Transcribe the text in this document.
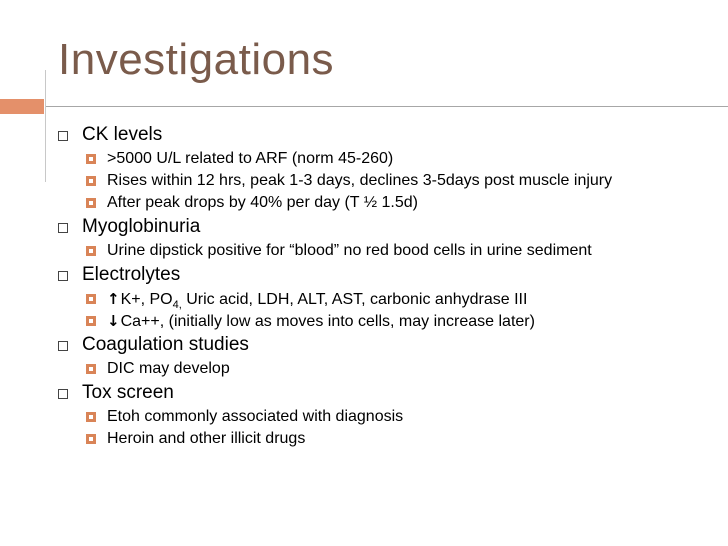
Investigations
CK levels
>5000 U/L related to ARF (norm 45-260)
Rises within 12 hrs, peak 1-3 days, declines 3-5days post muscle injury
After peak drops by 40% per day (T ½ 1.5d)
Myoglobinuria
Urine dipstick positive for “blood” no red bood cells in urine sediment
Electrolytes
↑K+, $PO_{4,}$ Uric acid, LDH, ALT, AST, carbonic anhydrase III
↓Ca++, (initially low as moves into cells, may increase later)
Coagulation studies
DIC may develop
Tox screen
Etoh commonly associated with diagnosis
Heroin and other illicit drugs
